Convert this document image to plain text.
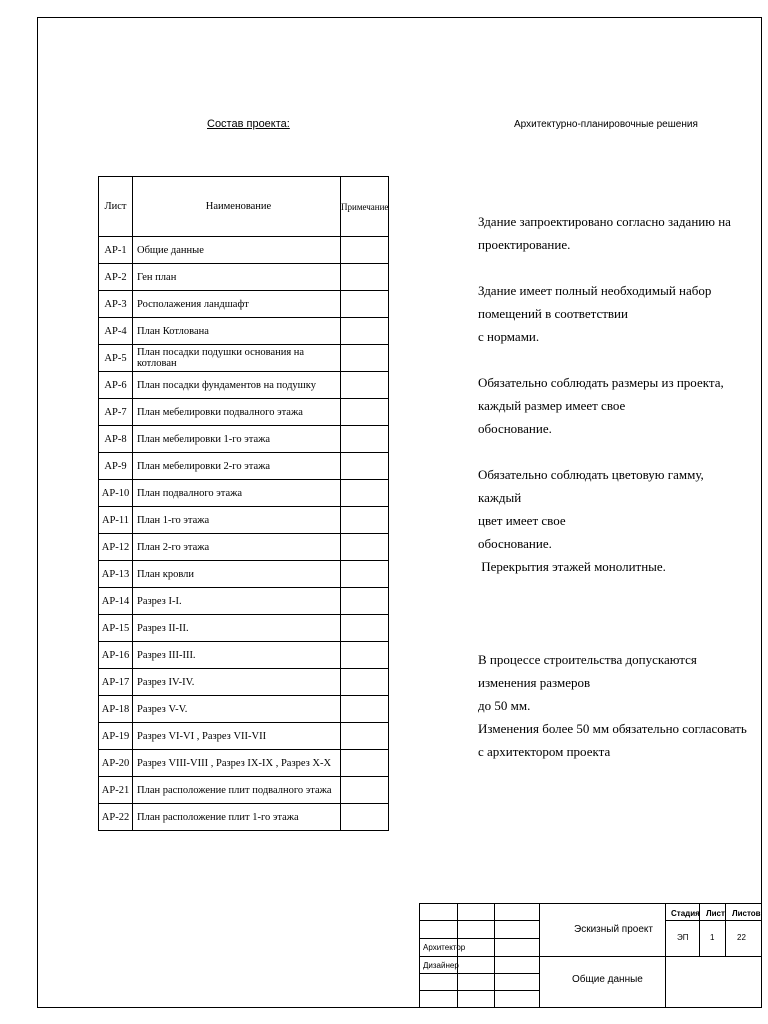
Состав проекта:	Архитектурно-планировочные решения
Лист	Наименование	Примечание
АР-1	Общие данные	
АР-2	Ген план	
АР-3	Росполажения ландшафт	
АР-4	План Котлована	
АР-5	План посадки подушки основания на котлован	
АР-6	План посадки фундаментов на подушку	
АР-7	План мебелировки подвалного этажа	
АР-8	План мебелировки 1-го этажа	
АР-9	План мебелировки 2-го этажа	
АР-10	План подвалного этажа	
АР-11	План 1-го этажа	
АР-12	План 2-го этажа	
АР-13	План кровли	
АР-14	Разрез I-I.	
АР-15	Разрез II-II.	
АР-16	Разрез III-III.	
АР-17	Разрез IV-IV.	
АР-18	Разрез V-V.	
АР-19	Разрез VI-VI , Разрез VII-VII	
АР-20	Разрез VIII-VIII , Разрез IX-IX , Разрез X-X	
АР-21	План расположение плит подвалного этажа	
АР-22	План расположение плит 1-го этажа	

Здание запроектировано согласно заданию на
проектирование.

Здание имеет полный необходимый набор
помещений в соответствии
с нормами.

Обязательно соблюдать размеры из проекта,
каждый размер имеет свое
обоснование.

Обязательно соблюдать цветовую гамму, каждый
цвет имеет свое
обоснование.
Перекрытия этажей монолитные.

В процессе строительства допускаются
изменения размеров
до 50 мм.
Изменения более 50 мм обязательно согласовать
с архитектором проекта

Архитектор
Дизайнер
Эскизный проект
Стадия Лист Листов
ЭП	1	22
Общие данные
